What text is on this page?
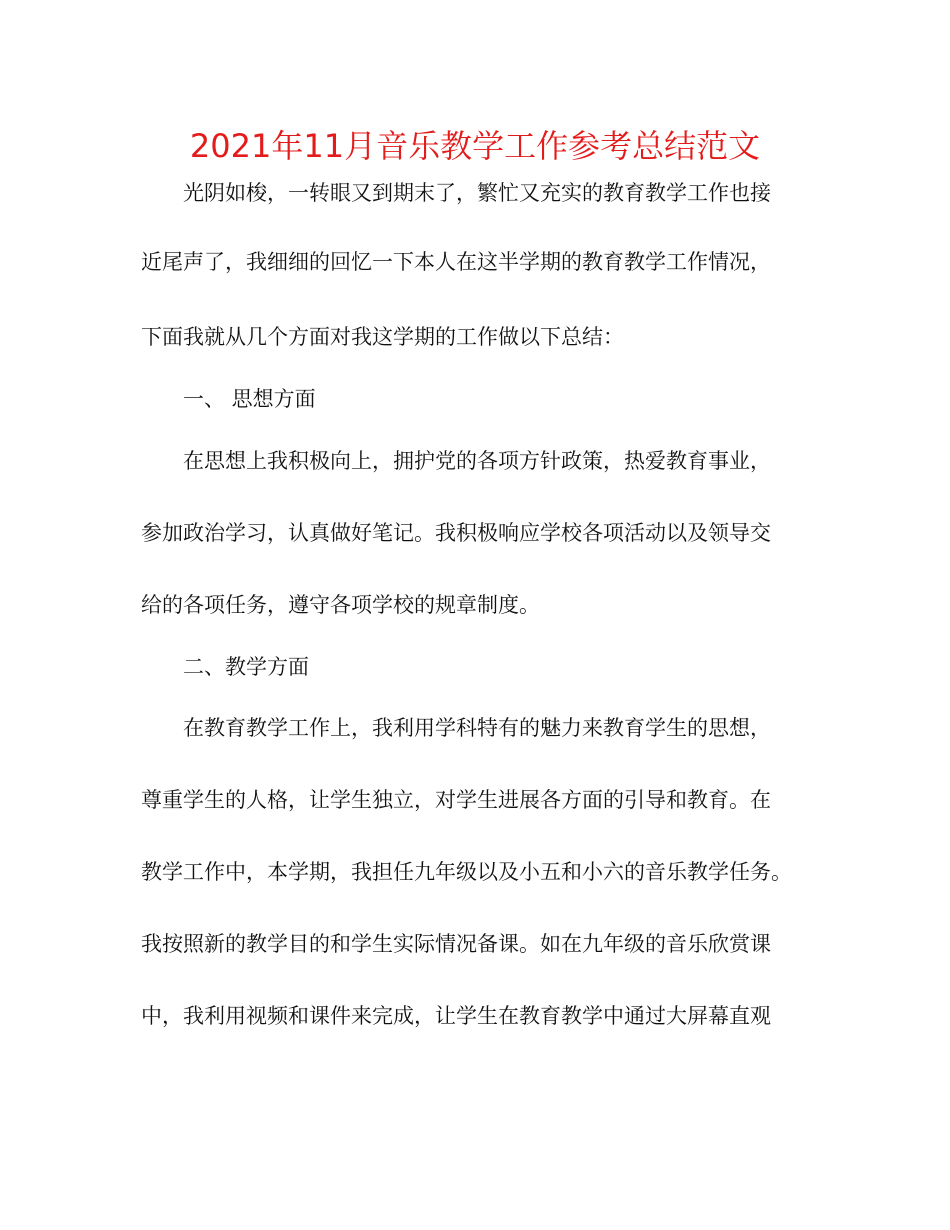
2021年11月音乐教学工作参考总结范文
光阴如梭，一转眼又到期末了，繁忙又充实的教育教学工作也接
近尾声了，我细细的回忆一下本人在这半学期的教育教学工作情况，
下面我就从几个方面对我这学期的工作做以下总结：
一、 思想方面
在思想上我积极向上，拥护党的各项方针政策，热爱教育事业，
参加政治学习，认真做好笔记。我积极响应学校各项活动以及领导交
给的各项任务，遵守各项学校的规章制度。
二、教学方面
在教育教学工作上，我利用学科特有的魅力来教育学生的思想，
尊重学生的人格，让学生独立，对学生进展各方面的引导和教育。在
教学工作中，本学期，我担任九年级以及小五和小六的音乐教学任务。
我按照新的教学目的和学生实际情况备课。如在九年级的音乐欣赏课
中，我利用视频和课件来完成，让学生在教育教学中通过大屏幕直观
